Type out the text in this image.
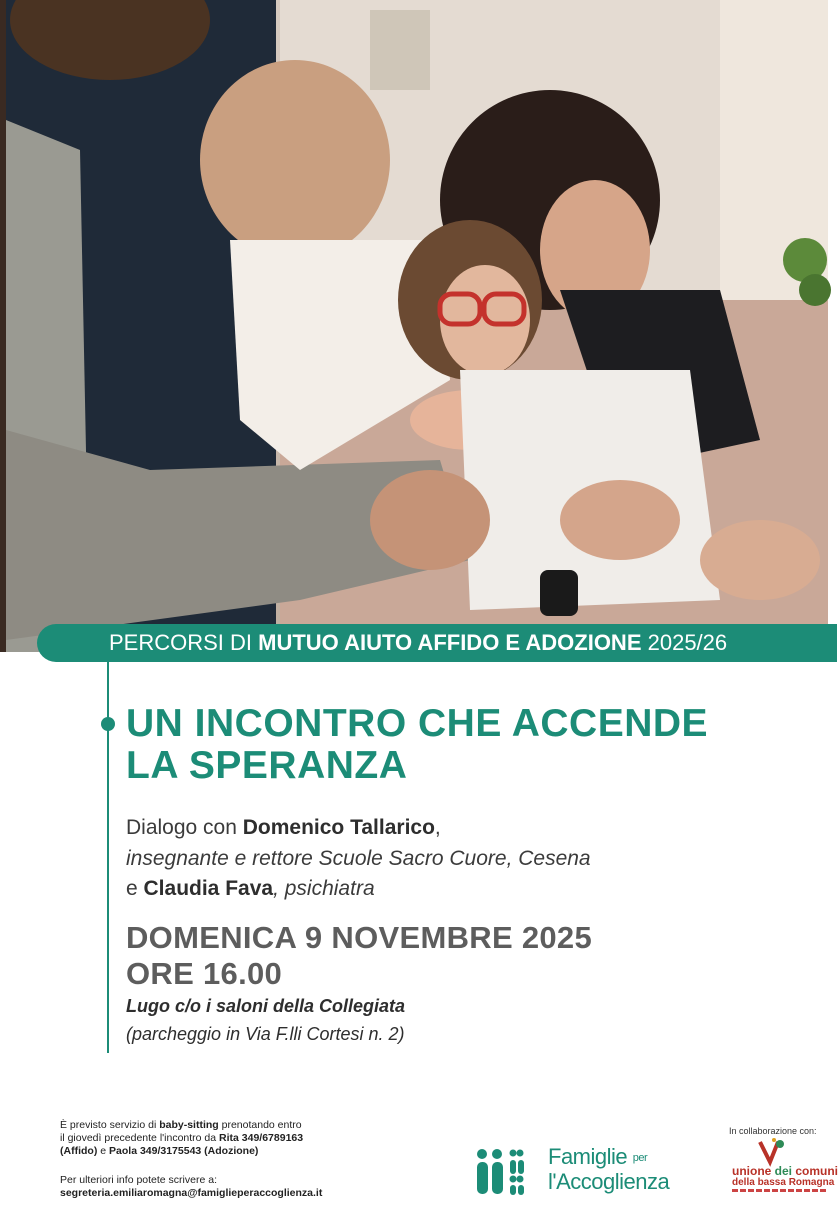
PERCORSI DI MUTUO AIUTO AFFIDO E ADOZIONE 2025/26
UN INCONTRO CHE ACCENDE
LA SPERANZA
Dialogo con Domenico Tallarico,
insegnante e rettore Scuole Sacro Cuore, Cesena
e Claudia Fava, psichiatra
DOMENICA 9 NOVEMBRE 2025
ORE 16.00
Lugo c/o i saloni della Collegiata
(parcheggio in Via F.lli Cortesi n. 2)
È previsto servizio di baby-sitting prenotando entro
il giovedì precedente l'incontro da Rita 349/6789163
(Affido) e Paola 349/3175543 (Adozione)
Per ulteriori info potete scrivere a:
segreteria.emiliaromagna@famiglieperaccoglienza.it
Famiglie per
l'Accoglienza
In collaborazione con:
unione dei comuni
della bassa Romagna
